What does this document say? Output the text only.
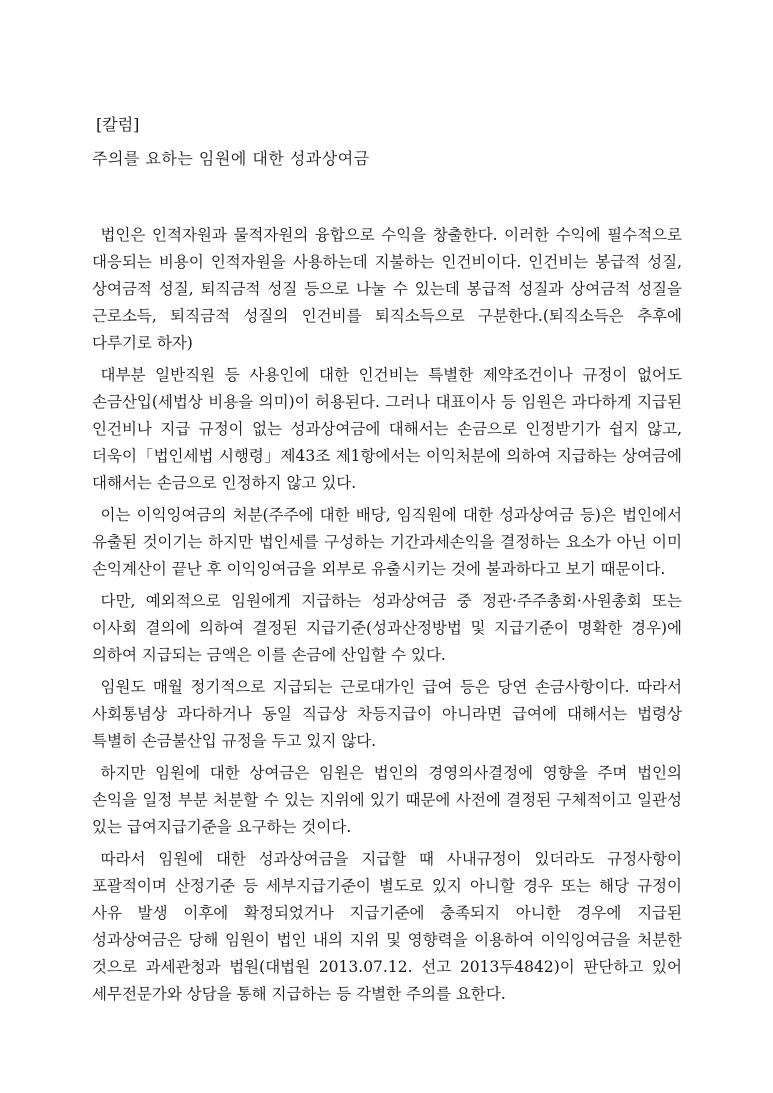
[칼럼]
주의를 요하는 임원에 대한 성과상여금

법인은 인적자원과 물적자원의 융합으로 수익을 창출한다. 이러한 수익에 필수적으로 대응되는 비용이 인적자원을 사용하는데 지불하는 인건비이다. 인건비는 봉급적 성질, 상여금적 성질, 퇴직금적 성질 등으로 나눌 수 있는데 봉급적 성질과 상여금적 성질을 근로소득, 퇴직금적 성질의 인건비를 퇴직소득으로 구분한다.(퇴직소득은 추후에 다루기로 하자)

대부분 일반직원 등 사용인에 대한 인건비는 특별한 제약조건이나 규정이 없어도 손금산입(세법상 비용을 의미)이 허용된다. 그러나 대표이사 등 임원은 과다하게 지급된 인건비나 지급 규정이 없는 성과상여금에 대해서는 손금으로 인정받기가 쉽지 않고, 더욱이「법인세법 시행령」제43조 제1항에서는 이익처분에 의하여 지급하는 상여금에 대해서는 손금으로 인정하지 않고 있다.

이는 이익잉여금의 처분(주주에 대한 배당, 임직원에 대한 성과상여금 등)은 법인에서 유출된 것이기는 하지만 법인세를 구성하는 기간과세손익을 결정하는 요소가 아닌 이미 손익계산이 끝난 후 이익잉여금을 외부로 유출시키는 것에 불과하다고 보기 때문이다.

다만, 예외적으로 임원에게 지급하는 성과상여금 중 정관·주주총회·사원총회 또는 이사회 결의에 의하여 결정된 지급기준(성과산정방법 및 지급기준이 명확한 경우)에 의하여 지급되는 금액은 이를 손금에 산입할 수 있다.

임원도 매월 정기적으로 지급되는 근로대가인 급여 등은 당연 손금사항이다. 따라서 사회통념상 과다하거나 동일 직급상 차등지급이 아니라면 급여에 대해서는 법령상 특별히 손금불산입 규정을 두고 있지 않다.

하지만 임원에 대한 상여금은 임원은 법인의 경영의사결정에 영향을 주며 법인의 손익을 일정 부분 처분할 수 있는 지위에 있기 때문에 사전에 결정된 구체적이고 일관성 있는 급여지급기준을 요구하는 것이다.

따라서 임원에 대한 성과상여금을 지급할 때 사내규정이 있더라도 규정사항이 포괄적이며 산정기준 등 세부지급기준이 별도로 있지 아니할 경우 또는 해당 규정이 사유 발생 이후에 확정되었거나 지급기준에 충족되지 아니한 경우에 지급된 성과상여금은 당해 임원이 법인 내의 지위 및 영향력을 이용하여 이익잉여금을 처분한 것으로 과세관청과 법원(대법원 2013.07.12. 선고 2013두4842)이 판단하고 있어 세무전문가와 상담을 통해 지급하는 등 각별한 주의를 요한다.
